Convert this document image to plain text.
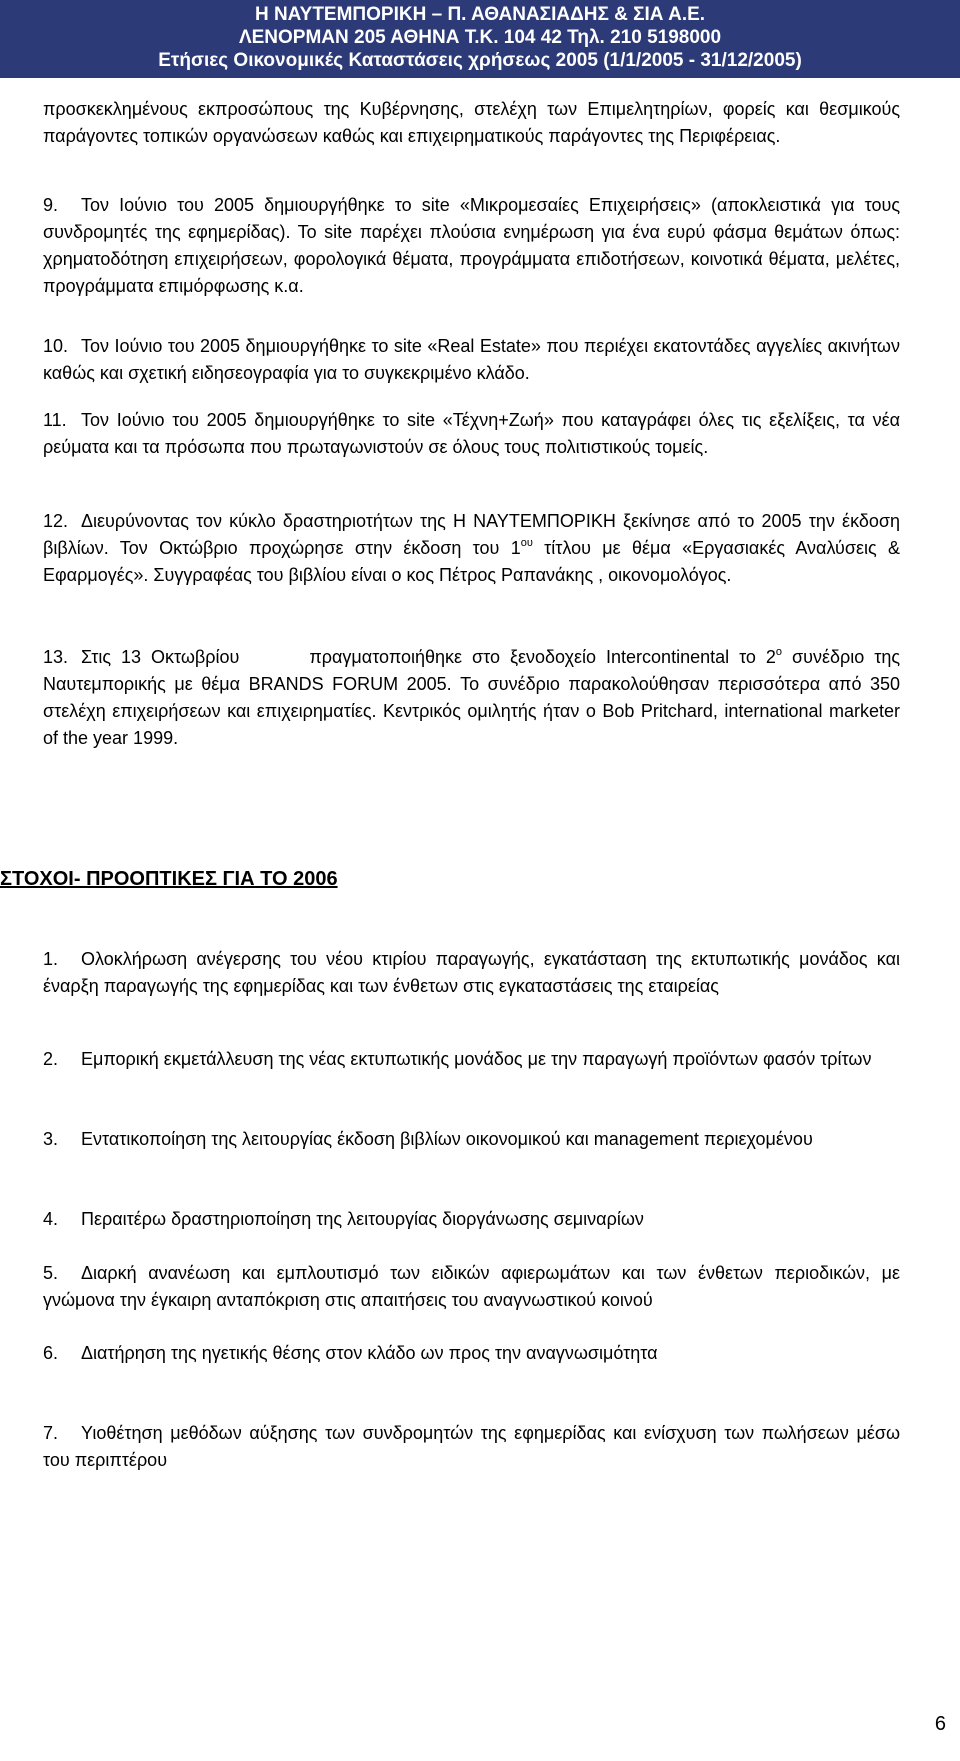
Η ΝΑΥΤΕΜΠΟΡΙΚΗ – Π. ΑΘΑΝΑΣΙΑΔΗΣ & ΣΙΑ Α.Ε.
ΛΕΝΟΡΜΑΝ 205 ΑΘΗΝΑ Τ.Κ. 104 42 Τηλ. 210 5198000
Ετήσιες Οικονομικές Καταστάσεις χρήσεως 2005 (1/1/2005 - 31/12/2005)
προσκεκλημένους εκπροσώπους της Κυβέρνησης, στελέχη των Επιμελητηρίων, φορείς και θεσμικούς παράγοντες τοπικών οργανώσεων καθώς και επιχειρηματικούς παράγοντες της Περιφέρειας.
9. Τον Ιούνιο του 2005 δημιουργήθηκε το site «Μικρομεσαίες Επιχειρήσεις» (αποκλειστικά για τους συνδρομητές της εφημερίδας). Το site παρέχει πλούσια ενημέρωση για ένα ευρύ φάσμα θεμάτων όπως: χρηματοδότηση επιχειρήσεων, φορολογικά θέματα, προγράμματα επιδοτήσεων, κοινοτικά θέματα, μελέτες, προγράμματα επιμόρφωσης κ.α.
10. Τον Ιούνιο του 2005 δημιουργήθηκε το site «Real Estate» που περιέχει εκατοντάδες αγγελίες ακινήτων καθώς και σχετική ειδησεογραφία για το συγκεκριμένο κλάδο.
11. Τον Ιούνιο του 2005 δημιουργήθηκε το site «Τέχνη+Ζωή» που καταγράφει όλες τις εξελίξεις, τα νέα ρεύματα και τα πρόσωπα που πρωταγωνιστούν σε όλους τους πολιτιστικούς τομείς.
12. Διευρύνοντας τον κύκλο δραστηριοτήτων της Η ΝΑΥΤΕΜΠΟΡΙΚΗ ξεκίνησε από το 2005 την έκδοση βιβλίων. Τον Οκτώβριο προχώρησε στην έκδοση του $1^{o\upsilon}$ τίτλου με θέμα «Εργασιακές Αναλύσεις & Εφαρμογές». Συγγραφέας του βιβλίου είναι ο κος Πέτρος Ραπανάκης , οικονομολόγος.
13. Στις 13 Οκτωβρίου	πραγματοποιήθηκε στο ξενοδοχείο Intercontinental το $2^o$ συνέδριο της Ναυτεμπορικής με θέμα BRANDS FORUM 2005. Το συνέδριο παρακολούθησαν περισσότερα από 350 στελέχη επιχειρήσεων και επιχειρηματίες. Κεντρικός ομιλητής ήταν ο Bob Pritchard, international marketer of the year 1999.
ΣΤΟΧΟΙ- ΠΡΟΟΠΤΙΚΕΣ ΓΙΑ ΤΟ 2006
1. Ολοκλήρωση ανέγερσης του νέου κτιρίου παραγωγής, εγκατάσταση της εκτυπωτικής μονάδος και έναρξη παραγωγής της εφημερίδας και των ένθετων στις εγκαταστάσεις της εταιρείας
2. Εμπορική εκμετάλλευση της νέας εκτυπωτικής μονάδος με την παραγωγή προϊόντων φασόν τρίτων
3. Εντατικοποίηση της λειτουργίας έκδοση βιβλίων οικονομικού και management περιεχομένου
4. Περαιτέρω δραστηριοποίηση της λειτουργίας διοργάνωσης σεμιναρίων
5. Διαρκή ανανέωση και εμπλουτισμό των ειδικών αφιερωμάτων και των ένθετων περιοδικών, με γνώμονα την έγκαιρη ανταπόκριση στις απαιτήσεις του αναγνωστικού κοινού
6. Διατήρηση της ηγετικής θέσης στον κλάδο ων προς την αναγνωσιμότητα
7. Υιοθέτηση μεθόδων αύξησης των συνδρομητών της εφημερίδας και ενίσχυση των πωλήσεων μέσω του περιπτέρου
6
